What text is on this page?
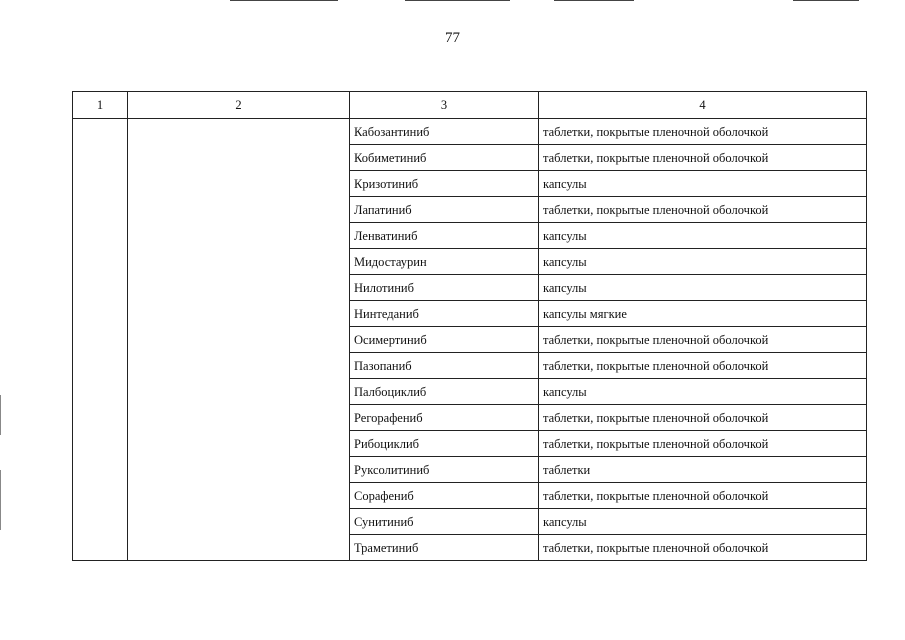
77
1	2	3	4
		Кабозантиниб	таблетки, покрытые пленочной оболочкой
		Кобиметиниб	таблетки, покрытые пленочной оболочкой
		Кризотиниб	капсулы
		Лапатиниб	таблетки, покрытые пленочной оболочкой
		Ленватиниб	капсулы
		Мидостаурин	капсулы
		Нилотиниб	капсулы
		Нинтеданиб	капсулы мягкие
		Осимертиниб	таблетки, покрытые пленочной оболочкой
		Пазопаниб	таблетки, покрытые пленочной оболочкой
		Палбоциклиб	капсулы
		Регорафениб	таблетки, покрытые пленочной оболочкой
		Рибоциклиб	таблетки, покрытые пленочной оболочкой
		Руксолитиниб	таблетки
		Сорафениб	таблетки, покрытые пленочной оболочкой
		Сунитиниб	капсулы
		Траметиниб	таблетки, покрытые пленочной оболочкой
